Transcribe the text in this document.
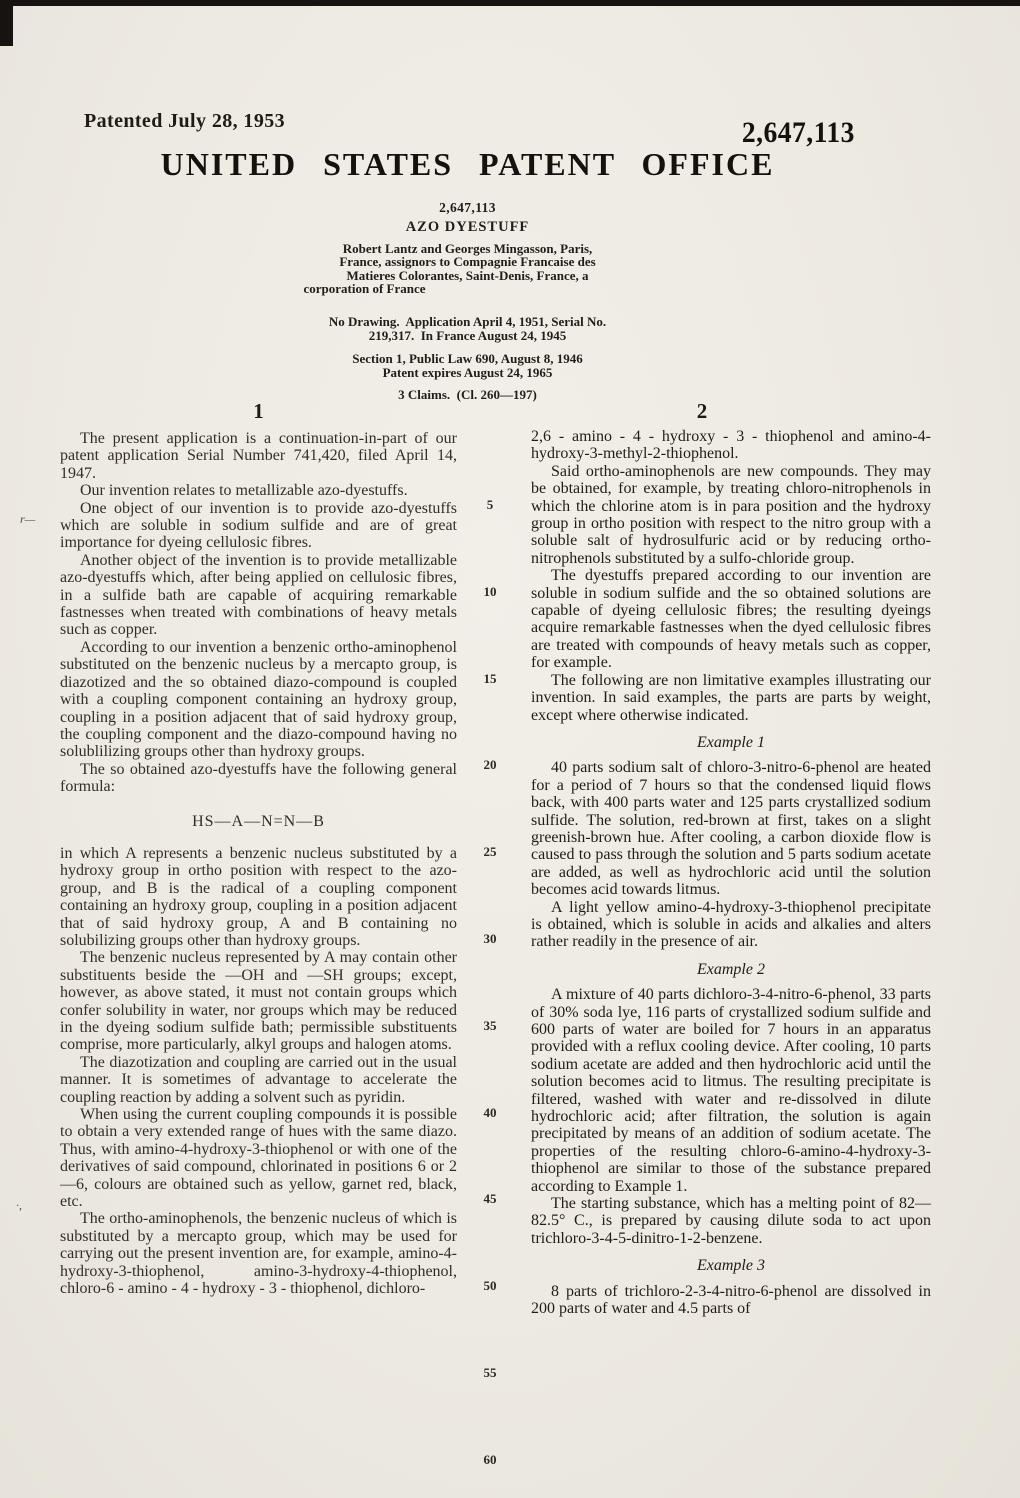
r—
·,
Patented July 28, 1953	2,647,113
UNITED STATES PATENT OFFICE
2,647,113
AZO DYESTUFF
Robert Lantz and Georges Mingasson, Paris,
France, assignors to Compagnie Francaise des
Matieres Colorantes, Saint-Denis, France, a
corporation of France
No Drawing.  Application April 4, 1951, Serial No.
219,317.  In France August 24, 1945
Section 1, Public Law 690, August 8, 1946
Patent expires August 24, 1965
3 Claims.  (Cl. 260—197)
1	2

The present application is a continuation-in-part of our patent application Serial Number 741,420, filed April 14, 1947.

Our invention relates to metallizable azo-dyestuffs.

One object of our invention is to provide azo-dyestuffs which are soluble in sodium sulfide and are of great importance for dyeing cellulosic fibres.

Another object of the invention is to provide metallizable azo-dyestuffs which, after being applied on cellulosic fibres, in a sulfide bath are capable of acquiring remarkable fastnesses when treated with combinations of heavy metals such as copper.

According to our invention a benzenic ortho-aminophenol substituted on the benzenic nucleus by a mercapto group, is diazotized and the so obtained diazo-compound is coupled with a coupling component containing an hydroxy group, coupling in a position adjacent that of said hydroxy group, the coupling component and the diazo-compound having no solublilizing groups other than hydroxy groups.

The so obtained azo-dyestuffs have the following general formula:

HS—A—N=N—B

in which A represents a benzenic nucleus substituted by a hydroxy group in ortho position with respect to the azo-group, and B is the radical of a coupling component containing an hydroxy group, coupling in a position adjacent that of said hydroxy group, A and B containing no solubilizing groups other than hydroxy groups.

The benzenic nucleus represented by A may contain other substituents beside the —OH and —SH groups; except, however, as above stated, it must not contain groups which confer solubility in water, nor groups which may be reduced in the dyeing sodium sulfide bath; permissible substituents comprise, more particularly, alkyl groups and halogen atoms.

The diazotization and coupling are carried out in the usual manner. It is sometimes of advantage to accelerate the coupling reaction by adding a solvent such as pyridin.

When using the current coupling compounds it is possible to obtain a very extended range of hues with the same diazo. Thus, with amino-4-hydroxy-3-thiophenol or with one of the derivatives of said compound, chlorinated in positions 6 or 2—6, colours are obtained such as yellow, garnet red, black, etc.

The ortho-aminophenols, the benzenic nucleus of which is substituted by a mercapto group, which may be used for carrying out the present invention are, for example, amino-4-hydroxy-3-thiophenol, amino-3-hydroxy-4-thiophenol, chloro-6 - amino - 4 - hydroxy - 3 - thiophenol, dichloro-

5
10
15
20
25
30
35
40
45
50
55
60

2,6 - amino - 4 - hydroxy - 3 - thiophenol and amino-4-hydroxy-3-methyl-2-thiophenol.

Said ortho-aminophenols are new compounds. They may be obtained, for example, by treating chloro-nitrophenols in which the chlorine atom is in para position and the hydroxy group in ortho position with respect to the nitro group with a soluble salt of hydrosulfuric acid or by reducing ortho-nitrophenols substituted by a sulfo-chloride group.

The dyestuffs prepared according to our invention are soluble in sodium sulfide and the so obtained solutions are capable of dyeing cellulosic fibres; the resulting dyeings acquire remarkable fastnesses when the dyed cellulosic fibres are treated with compounds of heavy metals such as copper, for example.

The following are non limitative examples illustrating our invention. In said examples, the parts are parts by weight, except where otherwise indicated.

Example 1

40 parts sodium salt of chloro-3-nitro-6-phenol are heated for a period of 7 hours so that the condensed liquid flows back, with 400 parts water and 125 parts crystallized sodium sulfide. The solution, red-brown at first, takes on a slight greenish-brown hue. After cooling, a carbon dioxide flow is caused to pass through the solution and 5 parts sodium acetate are added, as well as hydrochloric acid until the solution becomes acid towards litmus.

A light yellow amino-4-hydroxy-3-thiophenol precipitate is obtained, which is soluble in acids and alkalies and alters rather readily in the presence of air.

Example 2

A mixture of 40 parts dichloro-3-4-nitro-6-phenol, 33 parts of 30% soda lye, 116 parts of crystallized sodium sulfide and 600 parts of water are boiled for 7 hours in an apparatus provided with a reflux cooling device. After cooling, 10 parts sodium acetate are added and then hydrochloric acid until the solution becomes acid to litmus. The resulting precipitate is filtered, washed with water and re-dissolved in dilute hydrochloric acid; after filtration, the solution is again precipitated by means of an addition of sodium acetate. The properties of the resulting chloro-6-amino-4-hydroxy-3-thiophenol are similar to those of the substance prepared according to Example 1.

The starting substance, which has a melting point of 82—82.5° C., is prepared by causing dilute soda to act upon trichloro-3-4-5-dinitro-1-2-benzene.

Example 3

8 parts of trichloro-2-3-4-nitro-6-phenol are dissolved in 200 parts of water and 4.5 parts of
